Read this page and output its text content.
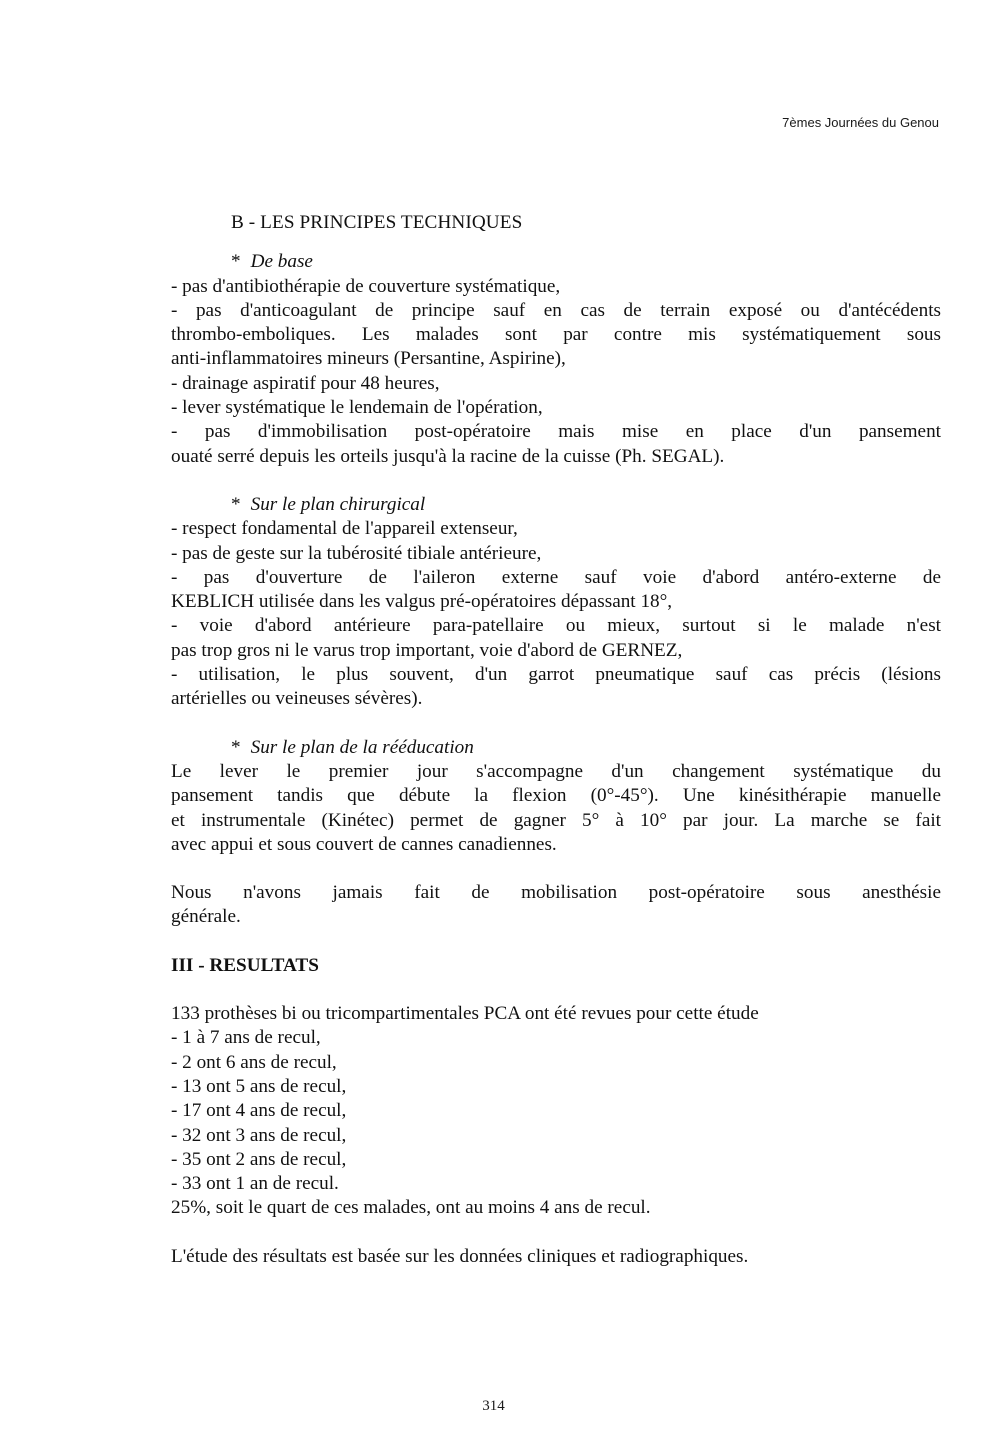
7èmes Journées du Genou
B - LES PRINCIPES TECHNIQUES
* De base
- pas d'antibiothérapie de couverture systématique,
- pas d'anticoagulant de principe sauf en cas de terrain exposé ou d'antécédents
thrombo-emboliques. Les malades sont par contre mis systématiquement sous
anti-inflammatoires mineurs (Persantine, Aspirine),
- drainage aspiratif pour 48 heures,
- lever systématique le lendemain de l'opération,
- pas d'immobilisation post-opératoire mais mise en place d'un pansement
ouaté serré depuis les orteils jusqu'à la racine de la cuisse (Ph. SEGAL).
* Sur le plan chirurgical
- respect fondamental de l'appareil extenseur,
- pas de geste sur la tubérosité tibiale antérieure,
- pas d'ouverture de l'aileron externe sauf voie d'abord antéro-externe de
KEBLICH utilisée dans les valgus pré-opératoires dépassant 18°,
- voie d'abord antérieure para-patellaire ou mieux, surtout si le malade n'est
pas trop gros ni le varus trop important, voie d'abord de GERNEZ,
- utilisation, le plus souvent, d'un garrot pneumatique sauf cas précis (lésions
artérielles ou veineuses sévères).
* Sur le plan de la rééducation
Le lever le premier jour s'accompagne d'un changement systématique du
pansement tandis que débute la flexion (0°-45°). Une kinésithérapie manuelle
et instrumentale (Kinétec) permet de gagner 5° à 10° par jour. La marche se fait
avec appui et sous couvert de cannes canadiennes.
Nous n'avons jamais fait de mobilisation post-opératoire sous anesthésie
générale.
III - RESULTATS
133 prothèses bi ou tricompartimentales PCA ont été revues pour cette étude
- 1 à 7 ans de recul,
- 2 ont 6 ans de recul,
- 13 ont 5 ans de recul,
- 17 ont 4 ans de recul,
- 32 ont 3 ans de recul,
- 35 ont 2 ans de recul,
- 33 ont 1 an de recul.
25%, soit le quart de ces malades, ont au moins 4 ans de recul.
L'étude des résultats est basée sur les données cliniques et radiographiques.
314
